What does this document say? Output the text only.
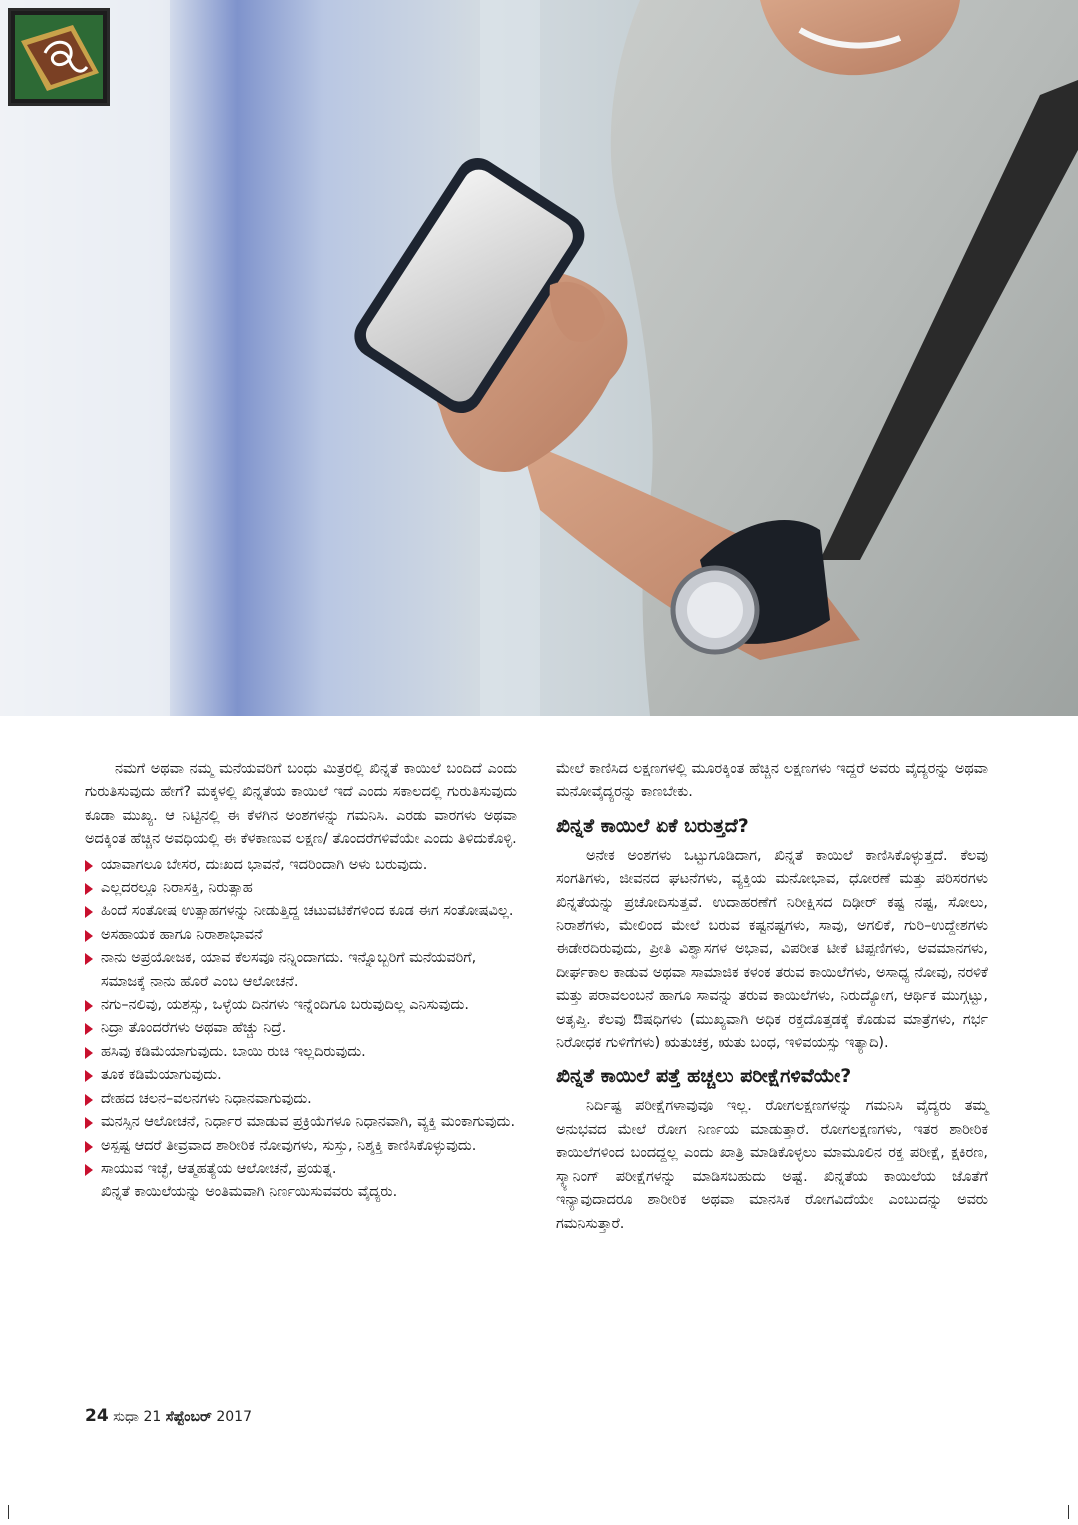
ನಮಗೆ ಅಥವಾ ನಮ್ಮ ಮನೆಯವರಿಗೆ ಬಂಧು ಮಿತ್ರರಲ್ಲಿ ಖಿನ್ನತೆ ಕಾಯಿಲೆ ಬಂದಿದೆ ಎಂದು ಗುರುತಿಸುವುದು ಹೇಗೆ? ಮಕ್ಕಳಲ್ಲಿ ಖಿನ್ನತೆಯ ಕಾಯಿಲೆ ಇದೆ ಎಂದು ಸಕಾಲದಲ್ಲಿ ಗುರುತಿಸುವುದು ಕೂಡಾ ಮುಖ್ಯ. ಆ ನಿಟ್ಟಿನಲ್ಲಿ ಈ ಕೆಳಗಿನ ಅಂಶಗಳನ್ನು ಗಮನಿಸಿ. ಎರಡು ವಾರಗಳು ಅಥವಾ ಅದಕ್ಕಿಂತ ಹೆಚ್ಚಿನ ಅವಧಿಯಲ್ಲಿ ಈ ಕೆಳಕಾಣುವ ಲಕ್ಷಣ/ ತೊಂದರೆಗಳಿವೆಯೇ ಎಂದು ತಿಳಿದುಕೊಳ್ಳಿ.

ಯಾವಾಗಲೂ ಬೇಸರ, ದುಃಖದ ಭಾವನೆ, ಇದರಿಂದಾಗಿ ಅಳು ಬರುವುದು.
ಎಲ್ಲದರಲ್ಲೂ ನಿರಾಸಕ್ತಿ, ನಿರುತ್ಸಾಹ
ಹಿಂದೆ ಸಂತೋಷ ಉತ್ಸಾಹಗಳನ್ನು ನೀಡುತ್ತಿದ್ದ ಚಟುವಟಿಕೆಗಳಿಂದ ಕೂಡ ಈಗ ಸಂತೋಷವಿಲ್ಲ.
ಅಸಹಾಯಕ ಹಾಗೂ ನಿರಾಶಾಭಾವನೆ
ನಾನು ಅಪ್ರಯೋಜಕ, ಯಾವ ಕೆಲಸವೂ ನನ್ನಿಂದಾಗದು. ಇನ್ನೊಬ್ಬರಿಗೆ ಮನೆಯವರಿಗೆ, ಸಮಾಜಕ್ಕೆ ನಾನು ಹೊರೆ ಎಂಬ ಆಲೋಚನೆ.
ನಗು–ನಲಿವು, ಯಶಸ್ಸು, ಒಳ್ಳೆಯ ದಿನಗಳು ಇನ್ನೆಂದಿಗೂ ಬರುವುದಿಲ್ಲ ಎನಿಸುವುದು.
ನಿದ್ರಾ ತೊಂದರೆಗಳು ಅಥವಾ ಹೆಚ್ಚು ನಿದ್ರೆ.
ಹಸಿವು ಕಡಿಮೆಯಾಗುವುದು. ಬಾಯಿ ರುಚಿ ಇಲ್ಲದಿರುವುದು.
ತೂಕ ಕಡಿಮೆಯಾಗುವುದು.
ದೇಹದ ಚಲನ–ವಲನಗಳು ನಿಧಾನವಾಗುವುದು.
ಮನಸ್ಸಿನ ಆಲೋಚನೆ, ನಿರ್ಧಾರ ಮಾಡುವ ಪ್ರಕ್ರಿಯೆಗಳೂ ನಿಧಾನವಾಗಿ, ವ್ಯಕ್ತಿ ಮಂಕಾಗುವುದು.
ಅಸ್ಪಷ್ಟ ಆದರೆ ತೀವ್ರವಾದ ಶಾರೀರಿಕ ನೋವುಗಳು, ಸುಸ್ತು, ನಿಶ್ಶಕ್ತಿ ಕಾಣಿಸಿಕೊಳ್ಳುವುದು.
ಸಾಯುವ ಇಚ್ಛೆ, ಆತ್ಮಹತ್ಯೆಯ ಆಲೋಚನೆ, ಪ್ರಯತ್ನ.

ಖಿನ್ನತೆ ಕಾಯಿಲೆಯನ್ನು ಅಂತಿಮವಾಗಿ ನಿರ್ಣಯಿಸುವವರು ವೈದ್ಯರು.

ಮೇಲೆ ಕಾಣಿಸಿದ ಲಕ್ಷಣಗಳಲ್ಲಿ ಮೂರಕ್ಕಿಂತ ಹೆಚ್ಚಿನ ಲಕ್ಷಣಗಳು ಇದ್ದರೆ ಅವರು ವೈದ್ಯರನ್ನು ಅಥವಾ ಮನೋವೈದ್ಯರನ್ನು ಕಾಣಬೇಕು.

ಖಿನ್ನತೆ ಕಾಯಿಲೆ ಏಕೆ ಬರುತ್ತದೆ?

ಅನೇಕ ಅಂಶಗಳು ಒಟ್ಟುಗೂಡಿದಾಗ, ಖಿನ್ನತೆ ಕಾಯಿಲೆ ಕಾಣಿಸಿಕೊಳ್ಳುತ್ತದೆ. ಕೆಲವು ಸಂಗತಿಗಳು, ಜೀವನದ ಘಟನೆಗಳು, ವ್ಯಕ್ತಿಯ ಮನೋಭಾವ, ಧೋರಣೆ ಮತ್ತು ಪರಿಸರಗಳು ಖಿನ್ನತೆಯನ್ನು ಪ್ರಚೋದಿಸುತ್ತವೆ. ಉದಾಹರಣೆಗೆ ನಿರೀಕ್ಷಿಸದ ದಿಢೀರ್ ಕಷ್ಟ ನಷ್ಟ, ಸೋಲು, ನಿರಾಶೆಗಳು, ಮೇಲಿಂದ ಮೇಲೆ ಬರುವ ಕಷ್ಟನಷ್ಟಗಳು, ಸಾವು, ಅಗಲಿಕೆ, ಗುರಿ–ಉದ್ದೇಶಗಳು ಈಡೇರದಿರುವುದು, ಪ್ರೀತಿ ವಿಶ್ವಾಸಗಳ ಅಭಾವ, ವಿಪರೀತ ಟೀಕೆ ಟಿಪ್ಪಣಿಗಳು, ಅವಮಾನಗಳು, ದೀರ್ಘಕಾಲ ಕಾಡುವ ಅಥವಾ ಸಾಮಾಜಿಕ ಕಳಂಕ ತರುವ ಕಾಯಿಲೆಗಳು, ಅಸಾಧ್ಯ ನೋವು, ನರಳಿಕೆ ಮತ್ತು ಪರಾವಲಂಬನೆ ಹಾಗೂ ಸಾವನ್ನು ತರುವ ಕಾಯಿಲೆಗಳು, ನಿರುದ್ಯೋಗ, ಆರ್ಥಿಕ ಮುಗ್ಗಟ್ಟು, ಅತೃಪ್ತಿ. ಕೆಲವು ಔಷಧಿಗಳು (ಮುಖ್ಯವಾಗಿ ಅಧಿಕ ರಕ್ತದೊತ್ತಡಕ್ಕೆ ಕೊಡುವ ಮಾತ್ರೆಗಳು, ಗರ್ಭ ನಿರೋಧಕ ಗುಳಿಗೆಗಳು) ಋತುಚಕ್ರ, ಋತು ಬಂಧ, ಇಳಿವಯಸ್ಸು ಇತ್ಯಾದಿ).

ಖಿನ್ನತೆ ಕಾಯಿಲೆ ಪತ್ತೆ ಹಚ್ಚಲು ಪರೀಕ್ಷೆಗಳಿವೆಯೇ?

ನಿರ್ದಿಷ್ಟ ಪರೀಕ್ಷೆಗಳಾವುವೂ ಇಲ್ಲ. ರೋಗಲಕ್ಷಣಗಳನ್ನು ಗಮನಿಸಿ ವೈದ್ಯರು ತಮ್ಮ ಅನುಭವದ ಮೇಲೆ ರೋಗ ನಿರ್ಣಯ ಮಾಡುತ್ತಾರೆ. ರೋಗಲಕ್ಷಣಗಳು, ಇತರ ಶಾರೀರಿಕ ಕಾಯಿಲೆಗಳಿಂದ ಬಂದದ್ದಲ್ಲ ಎಂದು ಖಾತ್ರಿ ಮಾಡಿಕೊಳ್ಳಲು ಮಾಮೂಲಿನ ರಕ್ತ ಪರೀಕ್ಷೆ, ಕ್ಷಕಿರಣ, ಸ್ಕ್ಯಾನಿಂಗ್ ಪರೀಕ್ಷೆಗಳನ್ನು ಮಾಡಿಸಬಹುದು ಅಷ್ಟೆ. ಖಿನ್ನತೆಯ ಕಾಯಿಲೆಯ ಜೊತೆಗೆ ಇನ್ಯಾವುದಾದರೂ ಶಾರೀರಿಕ ಅಥವಾ ಮಾನಸಿಕ ರೋಗವಿದೆಯೇ ಎಂಬುದನ್ನು ಅವರು ಗಮನಿಸುತ್ತಾರೆ.

24 ಸುಧಾ 21 ಸೆಪ್ಟೆಂಬರ್ 2017
